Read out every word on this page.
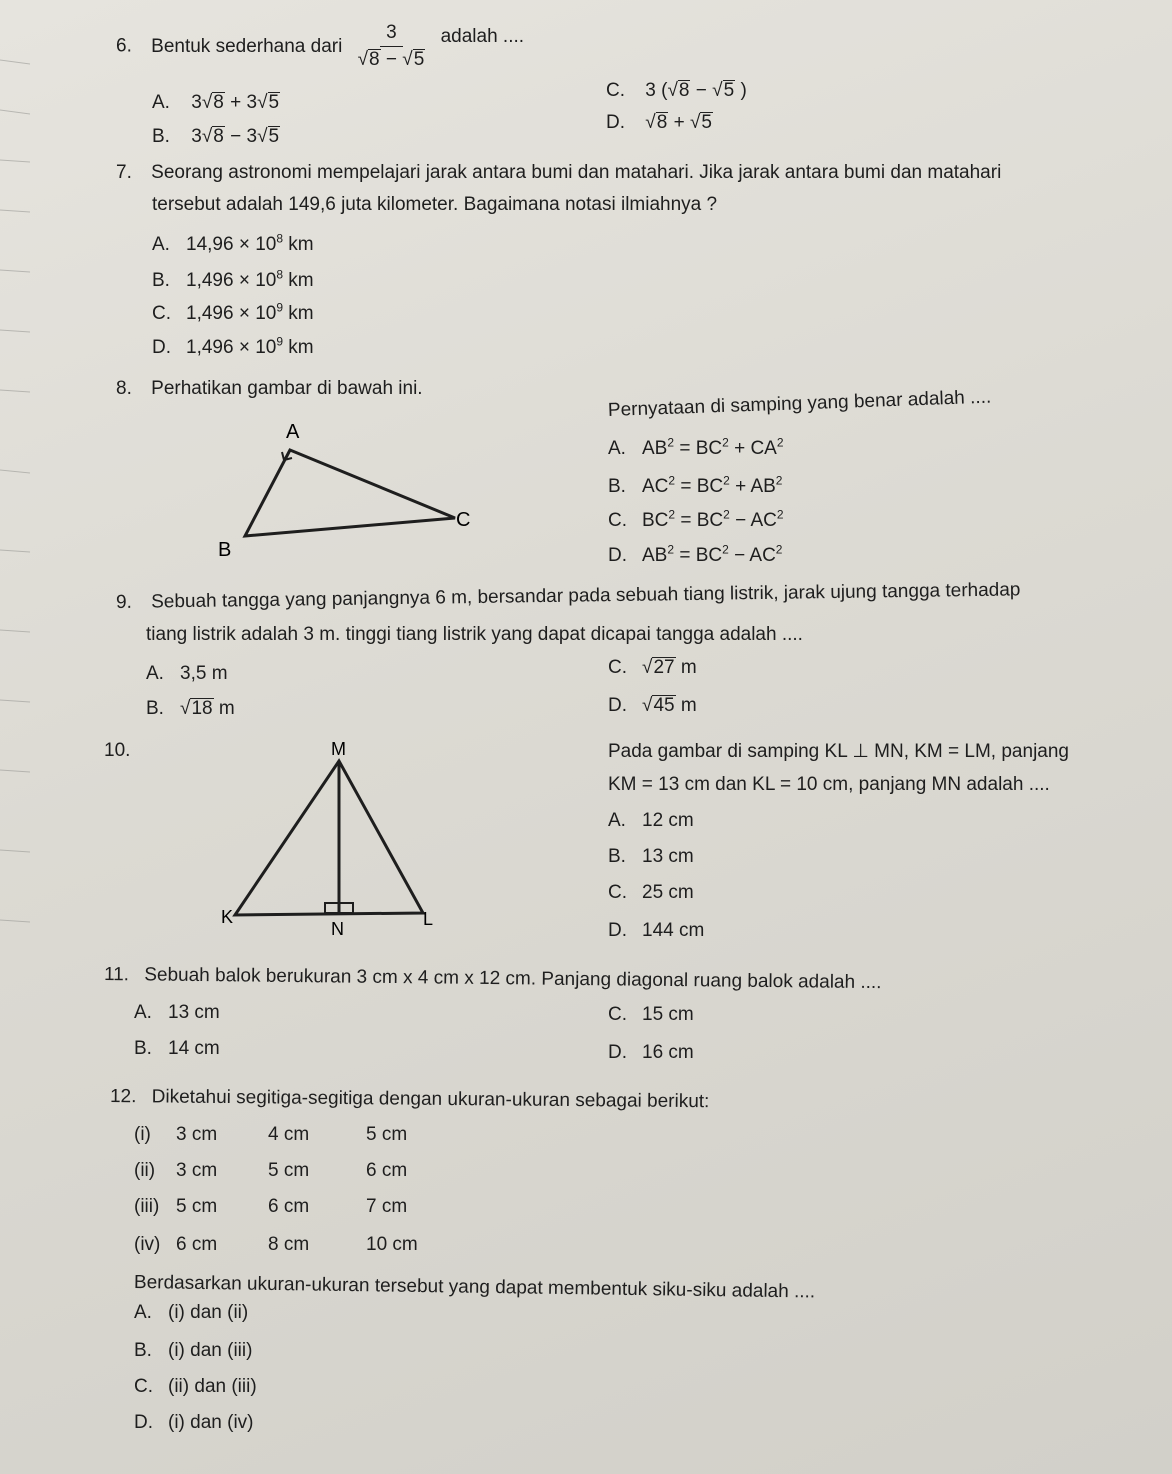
6. Bentuk sederhana dari 3
√ 8 − √ 5 adalah ....
A. 3 √ 8 + 3 √ 5
B. 3 √ 8 − 3 √ 5
C. 3 ( √ 8 − √ 5 )
D. √ 8 + √ 5
7. Seorang astronomi mempelajari jarak antara bumi dan matahari. Jika jarak antara bumi dan matahari
tersebut adalah 149,6 juta kilometer. Bagaimana notasi ilmiahnya ?
A. $14,96 \times 10^8$ km
B. $1,496 \times 10^8$ km
C. $1,496 \times 10^9$ km
D. $1,496 \times 10^9$ km
8. Perhatikan gambar di bawah ini.
A
B
C
Pernyataan di samping yang benar adalah ....
A. $AB^2 = BC^2 + CA^2$
B. $AC^2 = BC^2 + AB^2$
C. $BC^2 = BC^2 - AC^2$
D. $AB^2 = BC^2 - AC^2$
9. Sebuah tangga yang panjangnya 6 m, bersandar pada sebuah tiang listrik, jarak ujung tangga terhadap
tiang listrik adalah 3 m. tinggi tiang listrik yang dapat dicapai tangga adalah ....
A. 3,5 m
B. √ 18 m
C. √ 27 m
D. √ 45 m
10.	M
K	L
N
Pada gambar di samping KL ⊥ MN, KM = LM, panjang
KM = 13 cm dan KL = 10 cm, panjang MN adalah ....
A. 12 cm
B. 13 cm
C. 25 cm
D. 144 cm
11. Sebuah balok berukuran 3 cm x 4 cm x 12 cm. Panjang diagonal ruang balok adalah ....
A. 13 cm
B. 14 cm
C. 15 cm
D. 16 cm
12. Diketahui segitiga-segitiga dengan ukuran-ukuran sebagai berikut:
(i)	3 cm	4 cm	5 cm
(ii) 3 cm	5 cm	6 cm
(iii) 5 cm	6 cm	7 cm
(iv) 6 cm	8 cm	10 cm
Berdasarkan ukuran-ukuran tersebut yang dapat membentuk siku-siku adalah ....
A. (i) dan (ii)
B. (i) dan (iii)
C. (ii) dan (iii)
D. (i) dan (iv)
